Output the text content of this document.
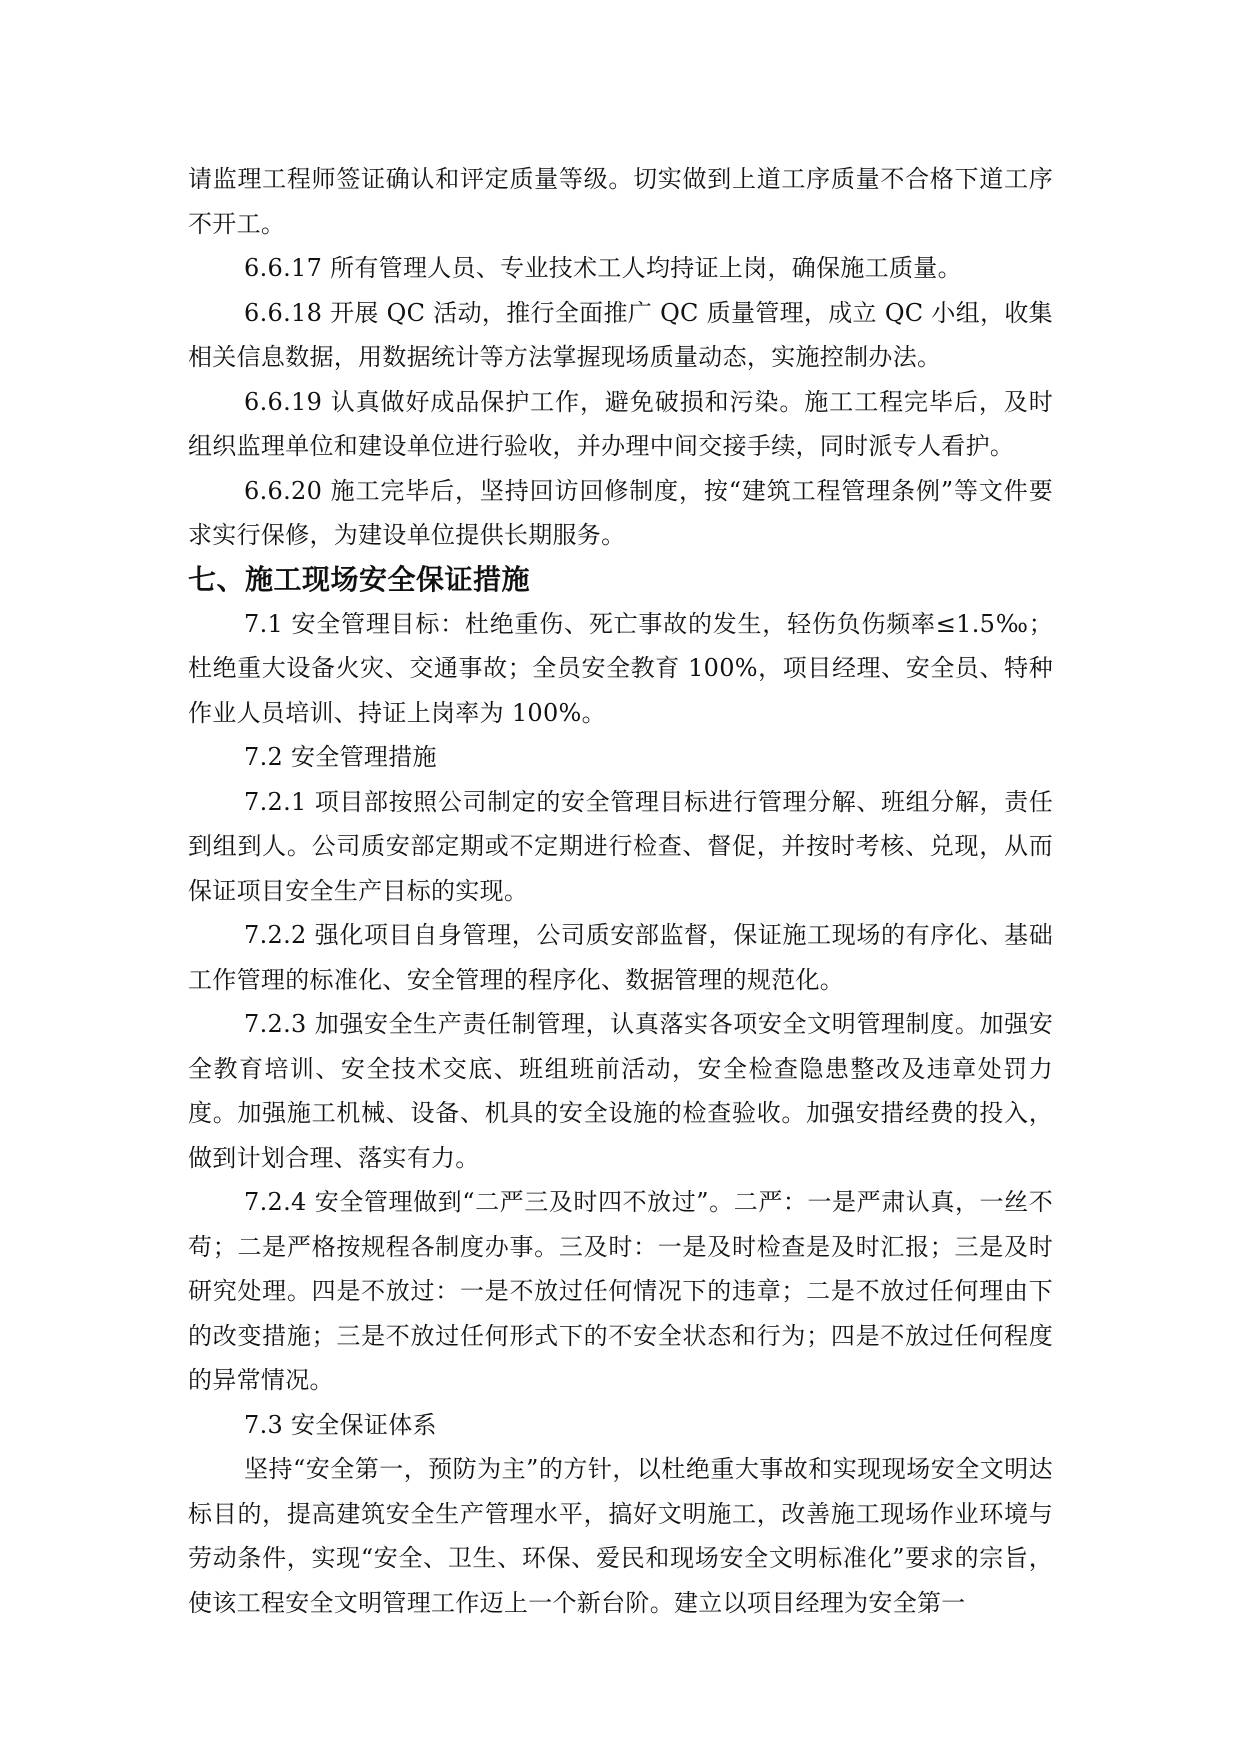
请监理工程师签证确认和评定质量等级。切实做到上道工序质量不合格下道工序不开工。

6.6.17 所有管理人员、专业技术工人均持证上岗，确保施工质量。

6.6.18 开展 QC 活动，推行全面推广 QC 质量管理，成立 QC 小组，收集相关信息数据，用数据统计等方法掌握现场质量动态，实施控制办法。

6.6.19 认真做好成品保护工作，避免破损和污染。施工工程完毕后，及时组织监理单位和建设单位进行验收，并办理中间交接手续，同时派专人看护。

6.6.20 施工完毕后，坚持回访回修制度，按“建筑工程管理条例”等文件要求实行保修，为建设单位提供长期服务。

七、施工现场安全保证措施

7.1 安全管理目标：杜绝重伤、死亡事故的发生，轻伤负伤频率≤1.5‰；杜绝重大设备火灾、交通事故；全员安全教育 100%，项目经理、安全员、特种作业人员培训、持证上岗率为 100%。

7.2 安全管理措施

7.2.1 项目部按照公司制定的安全管理目标进行管理分解、班组分解，责任到组到人。公司质安部定期或不定期进行检查、督促，并按时考核、兑现，从而保证项目安全生产目标的实现。

7.2.2 强化项目自身管理，公司质安部监督，保证施工现场的有序化、基础工作管理的标准化、安全管理的程序化、数据管理的规范化。

7.2.3 加强安全生产责任制管理，认真落实各项安全文明管理制度。加强安全教育培训、安全技术交底、班组班前活动，安全检查隐患整改及违章处罚力度。加强施工机械、设备、机具的安全设施的检查验收。加强安措经费的投入，做到计划合理、落实有力。

7.2.4 安全管理做到“二严三及时四不放过”。二严：一是严肃认真，一丝不苟；二是严格按规程各制度办事。三及时：一是及时检查是及时汇报；三是及时研究处理。四是不放过：一是不放过任何情况下的违章；二是不放过任何理由下的改变措施；三是不放过任何形式下的不安全状态和行为；四是不放过任何程度的异常情况。

7.3 安全保证体系

坚持“安全第一，预防为主”的方针，以杜绝重大事故和实现现场安全文明达标目的，提高建筑安全生产管理水平，搞好文明施工，改善施工现场作业环境与劳动条件，实现“安全、卫生、环保、爱民和现场安全文明标准化”要求的宗旨，使该工程安全文明管理工作迈上一个新台阶。建立以项目经理为安全第一
